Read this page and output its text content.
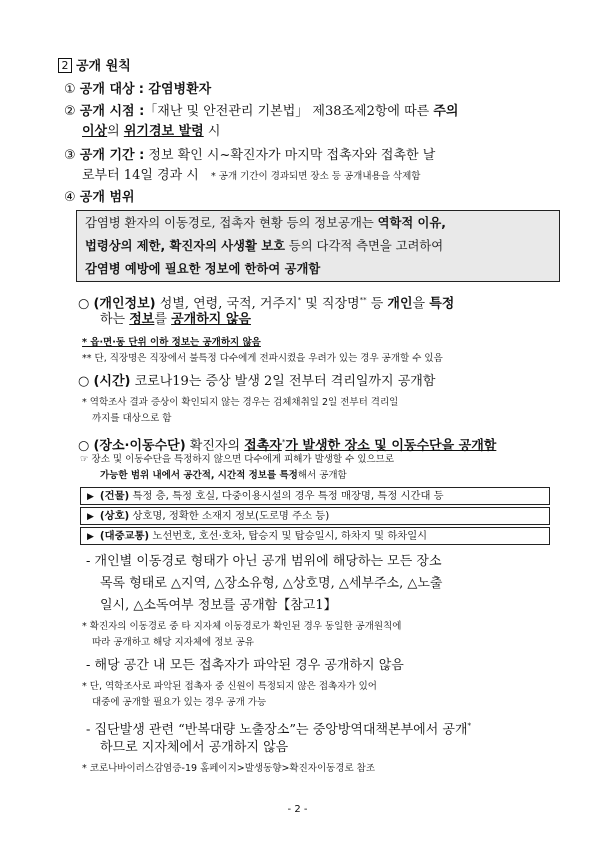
2 공개 원칙
① 공개 대상 : 감염병환자
② 공개 시점 :「재난 및 안전관리 기본법」 제38조제2항에 따른 주의
이상의 위기경보 발령 시
③ 공개 기간 : 정보 확인 시~확진자가 마지막 접촉자와 접촉한 날
로부터 14일 경과 시 * 공개 기간이 경과되면 장소 등 공개내용을 삭제함
④ 공개 범위
감염병 환자의 이동경로, 접촉자 현황 등의 정보공개는 역학적 이유,
법령상의 제한, 확진자의 사생활 보호 등의 다각적 측면을 고려하여
감염병 예방에 필요한 정보에 한하여 공개함
○ (개인정보) 성별, 연령, 국적, 거주지* 및 직장명** 등 개인을 특정
하는 정보를 공개하지 않음
* 읍·면·동 단위 이하 정보는 공개하지 않음
** 단, 직장명은 직장에서 불특정 다수에게 전파시켰을 우려가 있는 경우 공개할 수 있음
○ (시간) 코로나19는 증상 발생 2일 전부터 격리일까지 공개함
* 역학조사 결과 증상이 확인되지 않는 경우는 검체채취일 2일 전부터 격리일
까지를 대상으로 함
○ (장소·이동수단) 확진자의 접촉자*가 발생한 장소 및 이동수단을 공개함
☞ 장소 및 이동수단을 특정하지 않으면 다수에게 피해가 발생할 수 있으므로
가능한 범위 내에서 공간적, 시간적 정보를 특정해서 공개함
▶ (건물) 특정 층, 특정 호실, 다중이용시설의 경우 특정 매장명, 특정 시간대 등
▶ (상호) 상호명, 정확한 소재지 정보(도로명 주소 등)
▶ (대중교통) 노선번호, 호선·호차, 탑승지 및 탑승일시, 하차지 및 하차일시
- 개인별 이동경로 형태가 아닌 공개 범위에 해당하는 모든 장소
목록 형태로 △지역, △장소유형, △상호명, △세부주소, △노출
일시, △소독여부 정보를 공개함【참고1】
* 확진자의 이동경로 중 타 지자체 이동경로가 확인된 경우 동일한 공개원칙에
따라 공개하고 해당 지자체에 정보 공유
- 해당 공간 내 모든 접촉자가 파악된 경우 공개하지 않음
* 단, 역학조사로 파악된 접촉자 중 신원이 특정되지 않은 접촉자가 있어
대중에 공개할 필요가 있는 경우 공개 가능
- 집단발생 관련 “반복대량 노출장소”는 중앙방역대책본부에서 공개*
하므로 지자체에서 공개하지 않음
* 코로나바이러스감염증-19 홈페이지>발생동향>확진자이동경로 참조
- 2 -
